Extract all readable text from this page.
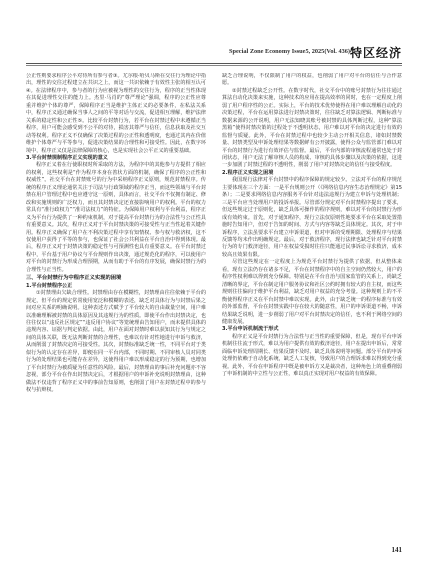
Special Zone Economy Issue5, 2025(Vol. 436) 特区经济

公正性则要求程序公平对待所有参与者③。尤尔根·哈贝马斯在交往行为理论中指出，理性的交往过程建立在共识之上，而这一共识依赖于有效性主张的相互认可④。在法律程序中，参与者的行为应被视为理性的交往行为，程序的正当性体现在其促进理性交往的能力上。杰里·马肖的“尊严理论”强调，程序的公正性应尊重并维护个体的尊严，保障程序正当是维护主体正义的必要条件，在私法关系中，程序正义通过确保当事人之间的平等对话与交流，促进相互理解，维护法律关系的稳定性和公正性⑤。比较平台封禁行为，若平台在封禁过程中未遵循正当程序，用户可能会感受到不公平的对待，损害其尊严与信任，信息获取及社交互动等权利。程序正义不仅确保了决策过程的公正性和透明度，也通过其内在价值维护个体尊严与平等参与，促进决策结果的合理性和可接受性。因此，在数字环境中，程序正义仅是法律保障的核心，也是实现社会公平正义的重要基础。

3.平台封禁规制程序正义实现的意义

程序正义着在行使职权时所采取的方法，为程序中的其他参与方提供了相应的权利，这些权利是“作为程序本身在善状方面的机制，确保了程序的公正性和权威性”。社交平台在封禁账号的行为中采纳程序正义原则，规范封禁程序。传统的程序正义理论通常关注于司法与行政领域的程序正当，而这些领域与平台封禁在用户管理过程中也应遵守这一原则，具体而言，社交平台不仅拥有制定、修改和实施规则的广泛权力，而且其封禁决定还直接影响用户的权利。平台的权力常具有“准行政权力”“准司法权力”的特征。为保障用户权利与平台利益，程序正义为平台行为提供了一种约束机制，对于提高平台封禁行为的合法性与公正性具有重要意义。其次，程序正义对于平台封禁决策的可接受性与正当性起着关键作用。程序正义确保了用户在不利决策过程中享有知情权、参与权与救济权，这不仅使用户获得了平等的参与，也保证了社会公共利益在平台自治中得到体现。最后，程序正义对于封禁决策的稳定性与可预测性也具有重要意义。在平台封禁过程中，平台基于用户协议与平台规则作出决策，通过规范化的程序，可以使用户对平台的封禁行为形成合理预期，从而有助于平台的有序发展，确保封禁行为的合理性与正当性。

三、平台封禁行为中程序正义实现的困境
1.平台封禁程序公正

①封禁理由欠缺合理性。封禁理由存在模糊性，封禁理由往往依赖于平台的规定，但平台的规定常常使用宽泛和模糊的表述，缺乏对具体行为与封禁后果之间对应关系的明确说明。这种表述方式赋予了平台较大的自由裁量空间，用户难以准确理解被封禁的具体原因及其违规行为的性质。即使平台作出封禁决定，也往往仅以“违反社区规定”“违反用户协议”等笼统理由告知用户，而未提供具体的违规内容、证据与判定依据。由此，用户在面对封禁时难以获知其行为与规定之间的具体关联，既无法判断封禁的合理性，也难以有针对性地进行申诉与救济，从而削弱了封禁决定的可接受性。其次，封禁标准缺乏统一性，不同平台对于类似行为的认定存在差异，即便在同一平台内部，不同时期、不同审核人员对同类行为的处理结果也可能存在差异，这使得用户难以形成稳定的行为预期，也增加了平台封禁行为被质疑为任意性的风险。最后，封禁理由的事后补充问题亦不容忽视，部分平台在作出封禁决定后，才根据用户的申诉补充说明封禁理由，这种做法不仅违背了程序正义中的事前告知原则，也削弱了用户在封禁过程中的参与权与抗辩权。

缺乏合理说明，不仅限制了用户的权益，也削弱了用户对平台的信任与合作意愿。

②封禁过程缺乏公开性。在数字时代，社交平台中的账号封禁行为往往通过算法自动化决策来实施，这种技术的应用在提高效率的同时，也在一定程度上削弱了用户程序性的公正。实际上，平台的技术优势使得在用户难以理解自动化的决策过程，平台在运用算法进行封禁决策时，往往缺乏对算法逻辑、判断标准与数据来源的公开说明，用户无法知晓其账号被封禁的具体判断过程，这种“算法黑箱”使得封禁决策的过程处于不透明状态，用户难以对平台的决定进行有效的监督与质疑。此外，平台在封禁过程中也较少主动公开相关信息，诸如封禁数量、封禁类型及申诉处理结果等数据鲜有公开披露，使得公众与监管部门难以对平台的封禁行为进行有效评估与监督。最后，平台内部的审核流程通常也处于封闭状态，用户无法了解审核人员的构成、审核的具体步骤以及决策的依据，这进一步加剧了封禁过程的不透明性，削弱了用户对封禁决定的信任与接受程度。

2.程序正义实现之困境

我国现行法律对平台封禁中的程序保障的规定较少。立法对平台的程序规范主要体现在三个方面：一是平台规则公开（《网络信息内容生态治理规定》第15条）；二是要求网络信息内容服务平台针对违法违规行为建立申诉与处理机制；三是平台应当处理用户的投诉举报。尽管部分规定对平台封禁程序提出了要求，但这些规定过于原则化，缺乏具体可操作的程序规则，难以对平台的封禁行为形成有效约束。首先，对于通知程序，现行立法仅原则性地要求平台在采取处置措施时告知用户，但对于告知的时间、方式与内容等缺乏具体规定。其次，对于申诉程序，立法虽要求平台建立申诉渠道，但对申诉的受理期限、处理程序与结果反馈等均未作出明确规定。最后，对于救济程序，现行法律也缺乏针对平台封禁行为的专门救济途径，用户在权益受损时往往只能通过民事诉讼寻求救济，成本较高且效果有限。

尽管这些规定在一定程度上为规范平台封禁行为提供了依据，但从整体来看，现有立法仍存在诸多不足，平台在封禁程序中的自主空间仍然较大，用户的程序性权利难以得到充分保障。特别是在平台自治与国家监管的关系上，尚缺乏清晰的界定，平台在制定用户服务协议和社区公约时拥有较大的自主权，而这些规则往往偏向于维护平台利益，缺乏对用户权益的充分考量。这种规则上的不平衡使得程序正义在平台封禁中难以实现。此外，由于缺乏统一的程序标准与有效的外部监督，平台在封禁实践中存在较大的随意性，用户的申诉渠道不畅，申诉结果缺乏说明，进一步削弱了用户对平台封禁决定的信任，也不利于网络空间的健康发展。

3.平台申诉机制流于形式

程序正义是平台封禁行为合法性与正当性的重要保障，但是，现有平台申诉机制往往流于形式，难以为用户提供有效的救济途径，用户在提出申诉后，常常面临申诉处理周期长、结果反馈不及时、缺乏具体说明等问题。部分平台的申诉处理仍依赖于自动化系统，缺乏人工复核，导致用户的合理诉求难以得到充分重视。此外，平台在申诉程序中既是被申诉方又是裁决者，这种角色上的重叠削弱了申诉机制的中立性与公正性，难以真正实现对用户权益的有效保障。

141
